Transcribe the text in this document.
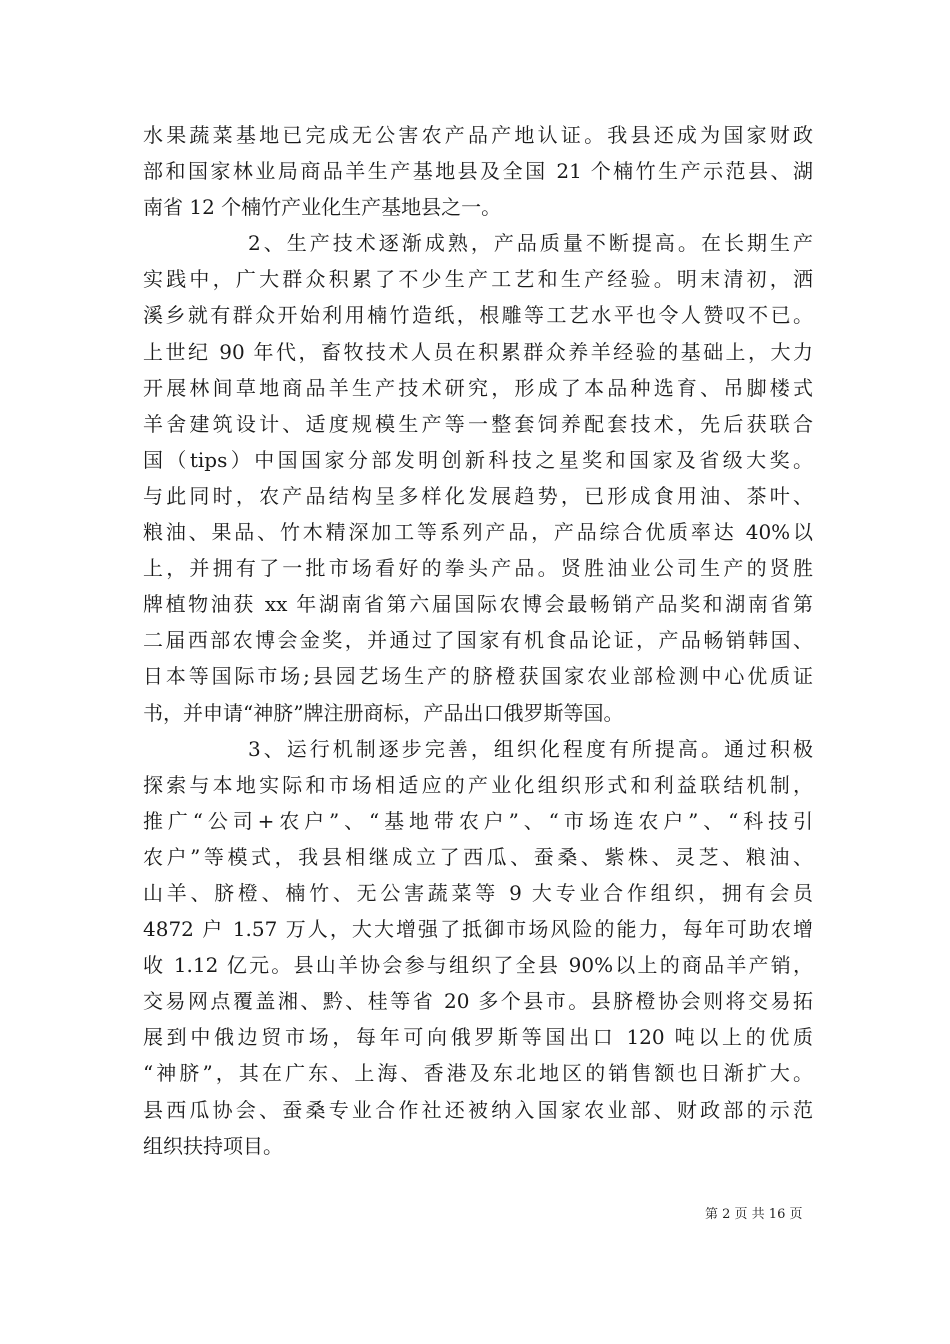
水果蔬菜基地已完成无公害农产品产地认证。我县还成为国家财政
部和国家林业局商品羊生产基地县及全国 21 个楠竹生产示范县、湖
南省 12 个楠竹产业化生产基地县之一。
2、生产技术逐渐成熟，产品质量不断提高。在长期生产
实践中，广大群众积累了不少生产工艺和生产经验。明末清初，洒
溪乡就有群众开始利用楠竹造纸，根雕等工艺水平也令人赞叹不已。
上世纪 90 年代，畜牧技术人员在积累群众养羊经验的基础上，大力
开展林间草地商品羊生产技术研究，形成了本品种选育、吊脚楼式
羊舍建筑设计、适度规模生产等一整套饲养配套技术，先后获联合
国（tips）中国国家分部发明创新科技之星奖和国家及省级大奖。
与此同时，农产品结构呈多样化发展趋势，已形成食用油、茶叶、
粮油、果品、竹木精深加工等系列产品，产品综合优质率达 40%以
上，并拥有了一批市场看好的拳头产品。贤胜油业公司生产的贤胜
牌植物油获 xx 年湖南省第六届国际农博会最畅销产品奖和湖南省第
二届西部农博会金奖，并通过了国家有机食品论证，产品畅销韩国、
日本等国际市场;县园艺场生产的脐橙获国家农业部检测中心优质证
书，并申请“神脐”牌注册商标，产品出口俄罗斯等国。
3、运行机制逐步完善，组织化程度有所提高。通过积极
探索与本地实际和市场相适应的产业化组织形式和利益联结机制，
推广“公司+农户”、“基地带农户”、“市场连农户”、“科技引
农户”等模式，我县相继成立了西瓜、蚕桑、紫株、灵芝、粮油、
山羊、脐橙、楠竹、无公害蔬菜等 9 大专业合作组织，拥有会员
4872 户 1.57 万人，大大增强了抵御市场风险的能力，每年可助农增
收 1.12 亿元。县山羊协会参与组织了全县 90%以上的商品羊产销，
交易网点覆盖湘、黔、桂等省 20 多个县市。县脐橙协会则将交易拓
展到中俄边贸市场，每年可向俄罗斯等国出口 120 吨以上的优质
“神脐”，其在广东、上海、香港及东北地区的销售额也日渐扩大。
县西瓜协会、蚕桑专业合作社还被纳入国家农业部、财政部的示范
组织扶持项目。
第 2 页 共 16 页
